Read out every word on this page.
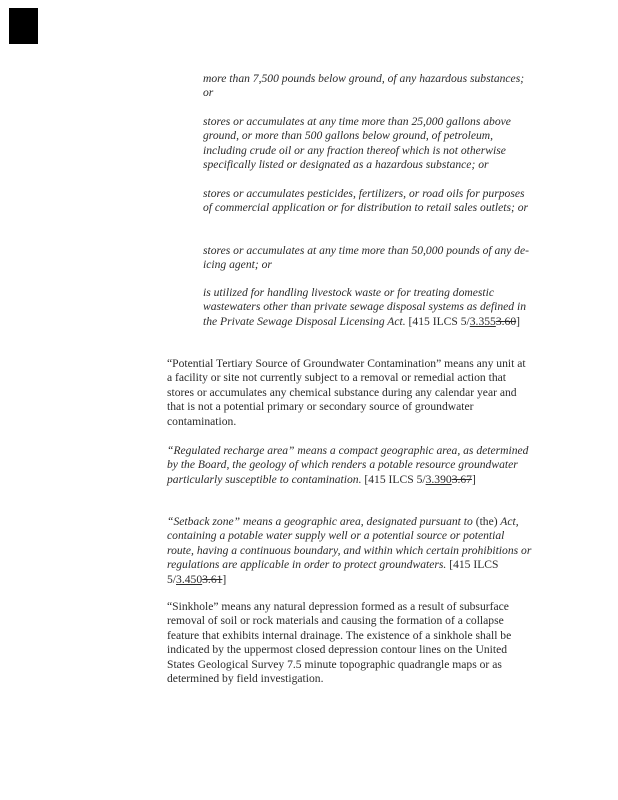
more than 7,500 pounds below ground, of any hazardous substances; or

stores or accumulates at any time more than 25,000 gallons above ground, or more than 500 gallons below ground, of petroleum, including crude oil or any fraction thereof which is not otherwise specifically listed or designated as a hazardous substance; or

stores or accumulates pesticides, fertilizers, or road oils for purposes of commercial application or for distribution to retail sales outlets; or

stores or accumulates at any time more than 50,000 pounds of any de-icing agent; or

is utilized for handling livestock waste or for treating domestic wastewaters other than private sewage disposal systems as defined in the Private Sewage Disposal Licensing Act. [415 ILCS 5/3.3553.60]

“Potential Tertiary Source of Groundwater Contamination” means any unit at a facility or site not currently subject to a removal or remedial action that stores or accumulates any chemical substance during any calendar year and that is not a potential primary or secondary source of groundwater contamination.

“Regulated recharge area” means a compact geographic area, as determined by the Board, the geology of which renders a potable resource groundwater particularly susceptible to contamination. [415 ILCS 5/3.3903.67]

“Setback zone” means a geographic area, designated pursuant to (the) Act, containing a potable water supply well or a potential source or potential route, having a continuous boundary, and within which certain prohibitions or regulations are applicable in order to protect groundwaters. [415 ILCS 5/3.4503.61]

“Sinkhole” means any natural depression formed as a result of subsurface removal of soil or rock materials and causing the formation of a collapse feature that exhibits internal drainage. The existence of a sinkhole shall be indicated by the uppermost closed depression contour lines on the United States Geological Survey 7.5 minute topographic quadrangle maps or as determined by field investigation.
